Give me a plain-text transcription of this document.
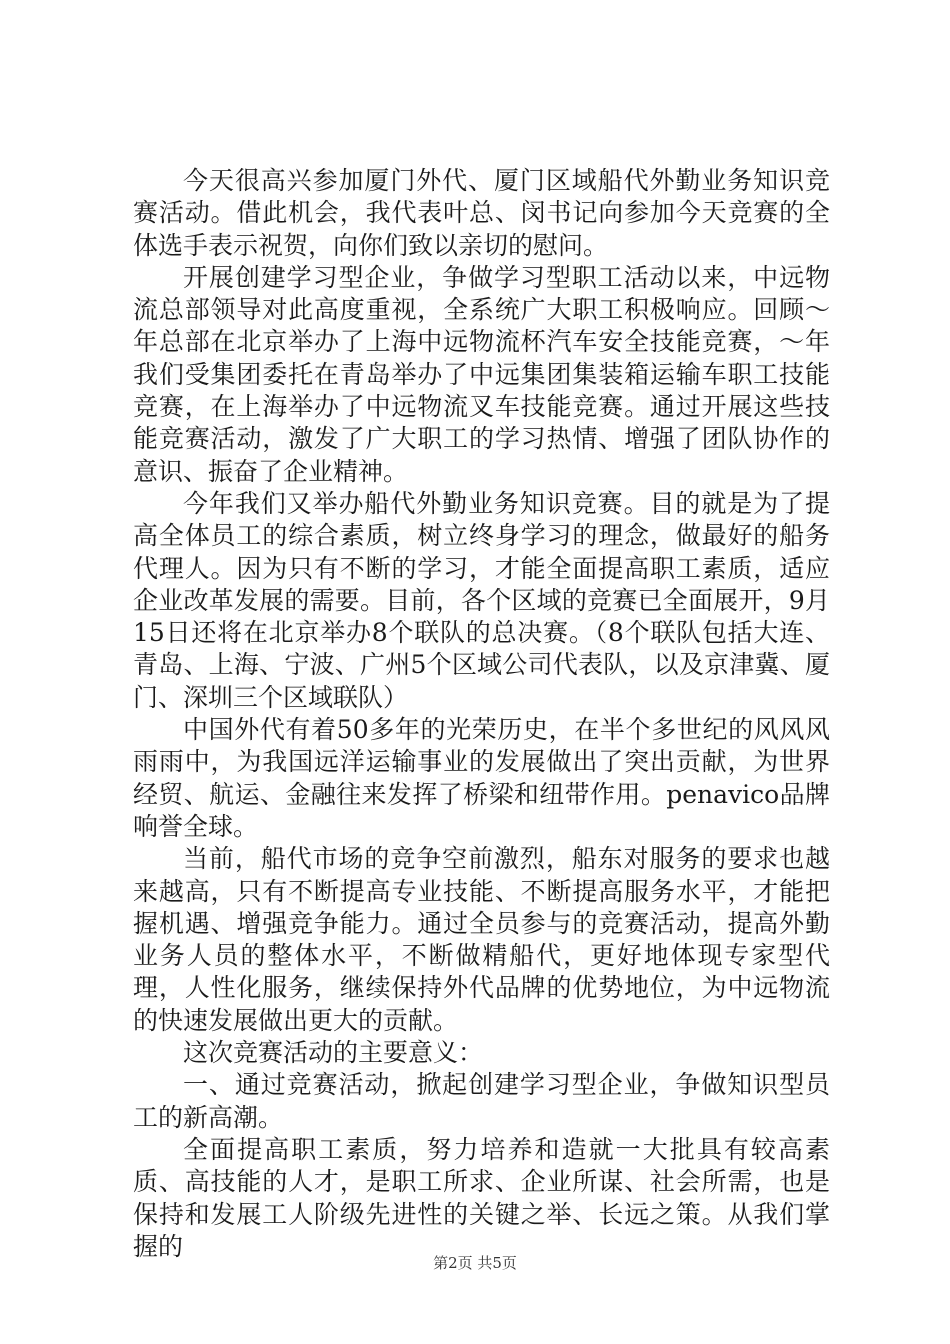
今天很高兴参加厦门外代、厦门区域船代外勤业务知识竞赛活动。借此机会，我代表叶总、闵书记向参加今天竞赛的全体选手表示祝贺，向你们致以亲切的慰问。

开展创建学习型企业，争做学习型职工活动以来，中远物流总部领导对此高度重视，全系统广大职工积极响应。回顾～年总部在北京举办了上海中远物流杯汽车安全技能竞赛，～年我们受集团委托在青岛举办了中远集团集装箱运输车职工技能竞赛，在上海举办了中远物流叉车技能竞赛。通过开展这些技能竞赛活动，激发了广大职工的学习热情、增强了团队协作的意识、振奋了企业精神。

今年我们又举办船代外勤业务知识竞赛。目的就是为了提高全体员工的综合素质，树立终身学习的理念，做最好的船务代理人。因为只有不断的学习，才能全面提高职工素质，适应企业改革发展的需要。目前，各个区域的竞赛已全面展开，9月15日还将在北京举办8个联队的总决赛。（8个联队包括大连、青岛、上海、宁波、广州5个区域公司代表队，以及京津冀、厦门、深圳三个区域联队）

中国外代有着50多年的光荣历史，在半个多世纪的风风风雨雨中，为我国远洋运输事业的发展做出了突出贡献，为世界经贸、航运、金融往来发挥了桥梁和纽带作用。penavico品牌响誉全球。

当前，船代市场的竞争空前激烈，船东对服务的要求也越来越高，只有不断提高专业技能、不断提高服务水平，才能把握机遇、增强竞争能力。通过全员参与的竞赛活动，提高外勤业务人员的整体水平，不断做精船代，更好地体现专家型代理，人性化服务，继续保持外代品牌的优势地位，为中远物流的快速发展做出更大的贡献。

这次竞赛活动的主要意义：

一、通过竞赛活动，掀起创建学习型企业，争做知识型员工的新高潮。

全面提高职工素质，努力培养和造就一大批具有较高素质、高技能的人才，是职工所求、企业所谋、社会所需，也是保持和发展工人阶级先进性的关键之举、长远之策。从我们掌握的

第2页 共5页
